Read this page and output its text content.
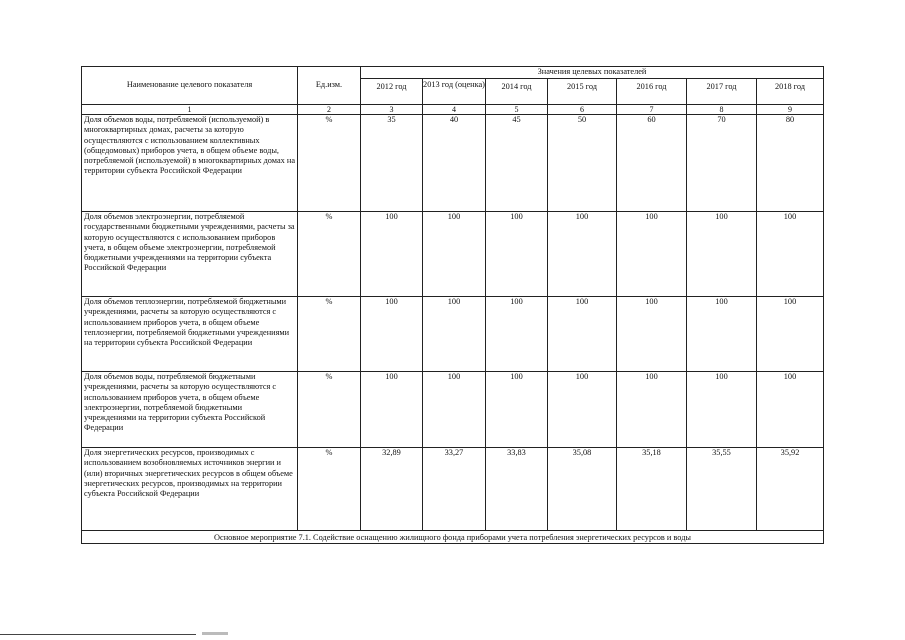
Наименование целевого показателя	Ед.изм.	Значения целевых показателей						
		2012 год	2013 год (оценка)	2014 год	2015 год	2016 год	2017 год	2018 год
1	2	3	4	5	6	7	8	9
Доля объемов воды, потребляемой (используемой) в многоквартирных домах, расчеты за которую осуществляются с использованием коллективных (общедомовых) приборов учета, в общем объеме воды, потребляемой (используемой) в многоквартирных домах на территории субъекта Российской Федерации	%	35	40	45	50	60	70	80
Доля объемов электроэнергии, потребляемой государственными бюджетными учреждениями, расчеты за которую осуществляются с использованием приборов учета, в общем объеме электроэнергии, потребляемой бюджетными учреждениями на территории субъекта Российской Федерации	%	100	100	100	100	100	100	100
Доля объемов теплоэнергии, потребляемой бюджетными учреждениями, расчеты за которую осуществляются с использованием приборов учета, в общем объеме теплоэнергии, потребляемой бюджетными учреждениями на территории субъекта Российской Федерации	%	100	100	100	100	100	100	100
Доля объемов воды, потребляемой бюджетными учреждениями, расчеты за которую осуществляются с использованием приборов учета, в общем объеме электроэнергии, потребляемой бюджетными учреждениями на территории субъекта Российской Федерации	%	100	100	100	100	100	100	100
Доля энергетических ресурсов, производимых с использованием возобновляемых источников энергии и (или) вторичных энергетических ресурсов в общем объеме энергетических ресурсов, производимых на территории субъекта Российской Федерации	%	32,89	33,27	33,83	35,08	35,18	35,55	35,92
Основное мероприятие 7.1. Содействие оснащению жилищного фонда приборами учета потребления энергетических ресурсов и воды								
